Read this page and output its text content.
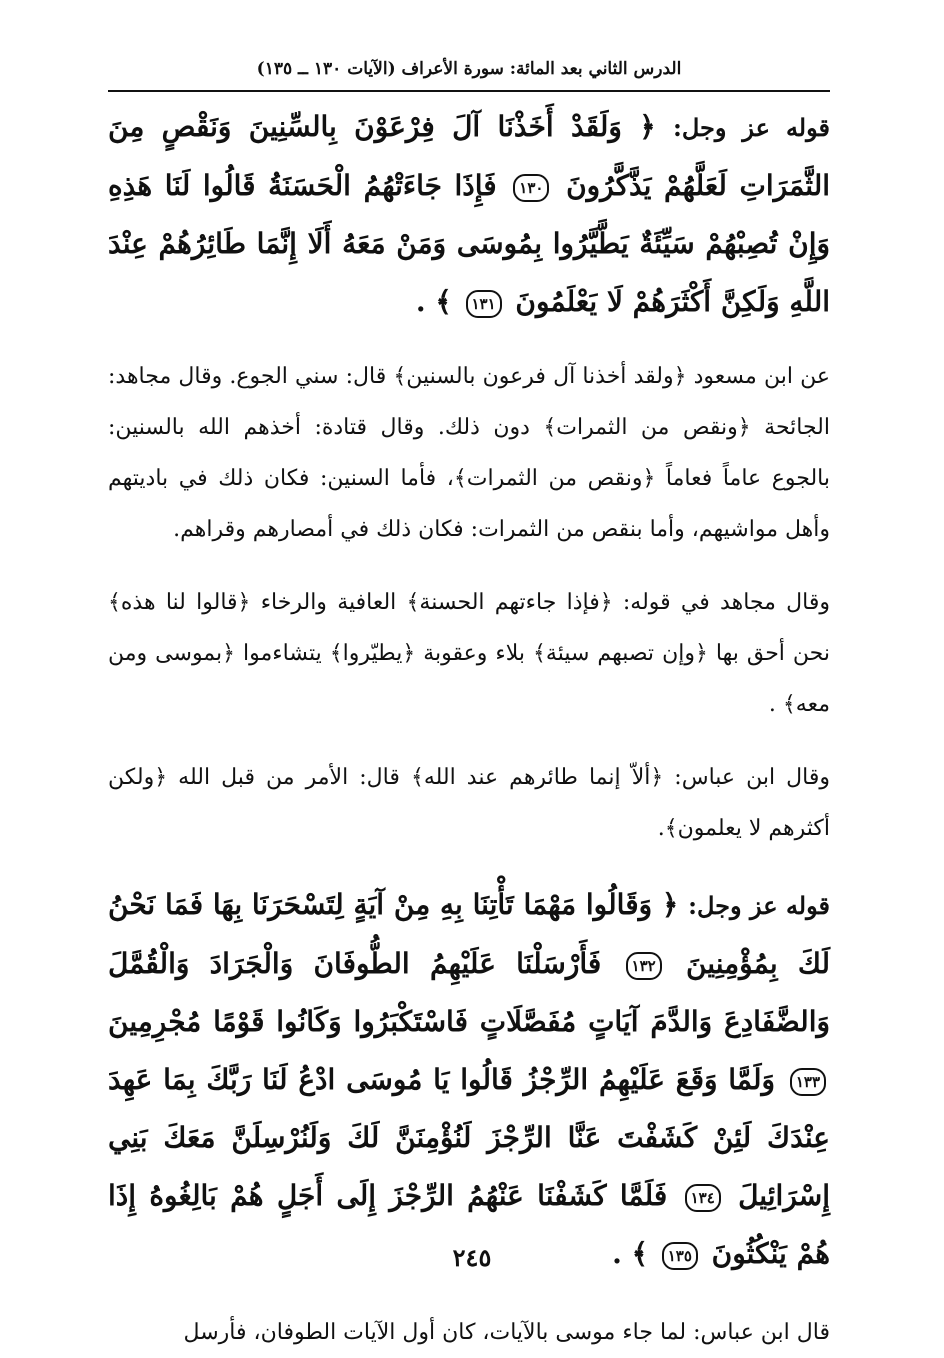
الدرس الثاني بعد المائة: سورة الأعراف (الآيات ١٣٠ ــ ١٣٥)

قوله عز وجل: ﴿ وَلَقَدْ أَخَذْنَا آلَ فِرْعَوْنَ بِالسِّنِينَ وَنَقْصٍ مِنَ الثَّمَرَاتِ لَعَلَّهُمْ يَذَّكَّرُونَ ١٣٠ فَإِذَا جَاءَتْهُمُ الْحَسَنَةُ قَالُوا لَنَا هَذِهِ وَإِنْ تُصِبْهُمْ سَيِّئَةٌ يَطَّيَّرُوا بِمُوسَى وَمَنْ مَعَهُ أَلَا إِنَّمَا طَائِرُهُمْ عِنْدَ اللَّهِ وَلَكِنَّ أَكْثَرَهُمْ لَا يَعْلَمُونَ ١٣١ ﴾ .

عن ابن مسعود ﴿ولقد أخذنا آل فرعون بالسنين﴾ قال: سني الجوع. وقال مجاهد: الجائحة ﴿ونقص من الثمرات﴾ دون ذلك. وقال قتادة: أخذهم الله بالسنين: بالجوع عاماً فعاماً ﴿ونقص من الثمرات﴾، فأما السنين: فكان ذلك في باديتهم وأهل مواشيهم، وأما بنقص من الثمرات: فكان ذلك في أمصارهم وقراهم.

وقال مجاهد في قوله: ﴿فإذا جاءتهم الحسنة﴾ العافية والرخاء ﴿قالوا لنا هذه﴾ نحن أحق بها ﴿وإن تصبهم سيئة﴾ بلاء وعقوبة ﴿يطيّروا﴾ يتشاءموا ﴿بموسى ومن معه﴾ .

وقال ابن عباس: ﴿ألاّ إنما طائرهم عند الله﴾ قال: الأمر من قبل الله ﴿ولكن أكثرهم لا يعلمون﴾.

قوله عز وجل: ﴿ وَقَالُوا مَهْمَا تَأْتِنَا بِهِ مِنْ آيَةٍ لِتَسْحَرَنَا بِهَا فَمَا نَحْنُ لَكَ بِمُؤْمِنِينَ ١٣٢ فَأَرْسَلْنَا عَلَيْهِمُ الطُّوفَانَ وَالْجَرَادَ وَالْقُمَّلَ وَالضَّفَادِعَ وَالدَّمَ آيَاتٍ مُفَصَّلَاتٍ فَاسْتَكْبَرُوا وَكَانُوا قَوْمًا مُجْرِمِينَ ١٣٣ وَلَمَّا وَقَعَ عَلَيْهِمُ الرِّجْزُ قَالُوا يَا مُوسَى ادْعُ لَنَا رَبَّكَ بِمَا عَهِدَ عِنْدَكَ لَئِنْ كَشَفْتَ عَنَّا الرِّجْزَ لَنُؤْمِنَنَّ لَكَ وَلَنُرْسِلَنَّ مَعَكَ بَنِي إِسْرَائِيلَ ١٣٤ فَلَمَّا كَشَفْنَا عَنْهُمُ الرِّجْزَ إِلَى أَجَلٍ هُمْ بَالِغُوهُ إِذَا هُمْ يَنْكُثُونَ ١٣٥ ﴾ .

قال ابن عباس: لما جاء موسى بالآيات، كان أول الآيات الطوفان، فأرسل

٢٤٥
